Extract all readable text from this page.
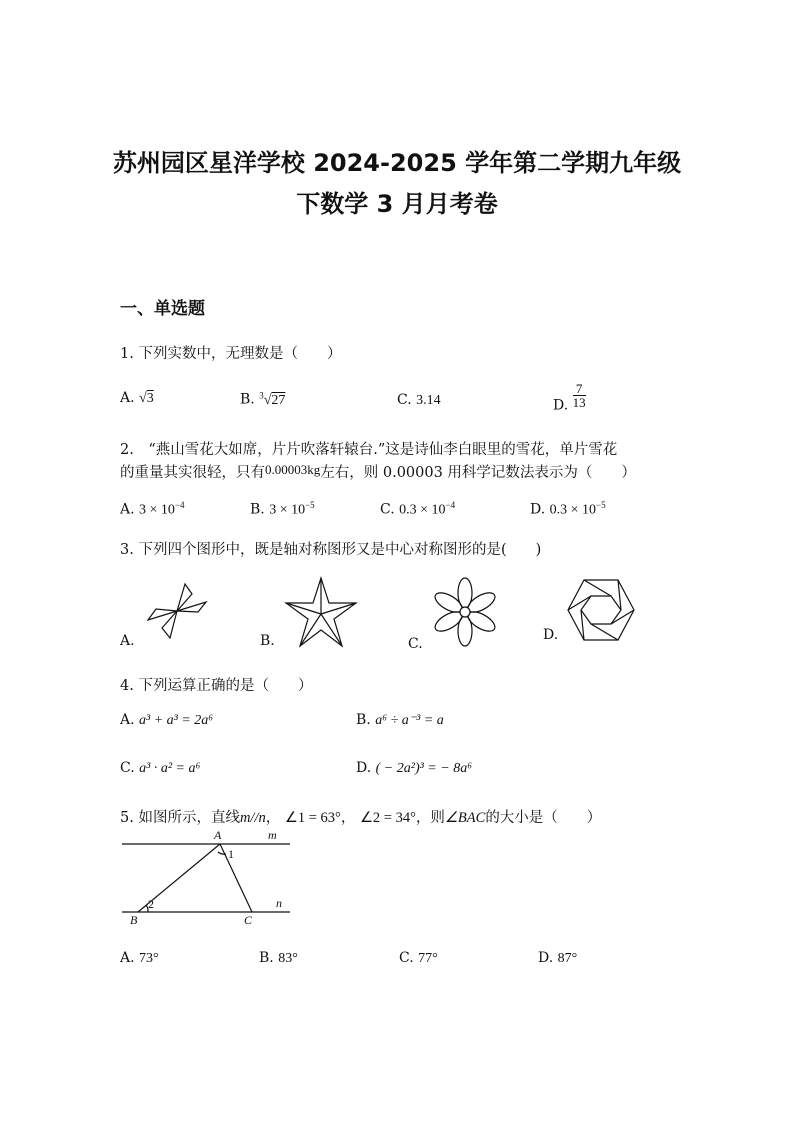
苏州园区星洋学校 2024-2025 学年第二学期九年级
下数学 3 月月考卷
一、单选题
1. 下列实数中，无理数是（　　）
A. √3	B. $^3$√27	C. 3.14	D. $\frac{7}{13}$
2.　“燕山雪花大如席，片片吹落轩辕台.”这是诗仙李白眼里的雪花，单片雪花
的重量其实很轻，只有0.00003kg左右，则 0.00003 用科学记数法表示为（　　）
A. $3 \times 10^{-4}$	B. $3 \times 10^{-5}$	C. $0.3 \times 10^{-4}$	D. $0.3 \times 10^{-5}$
3. 下列四个图形中，既是轴对称图形又是中心对称图形的是(　　)
A.	B.	C.
D.
4. 下列运算正确的是（　　）
A. a³ + a³ = 2a⁶	B. a⁶ ÷ a⁻³ = a
C. a³ · a² = a⁶	D. ( − 2a²)³ = − 8a⁶
5. 如图所示，直线m//n， ∠1 = 63°， ∠2 = 34°，则∠BAC的大小是（　　）
A	m
1
2	n
B	C
A. 73°	B. 83°	C. 77°	D. 87°
